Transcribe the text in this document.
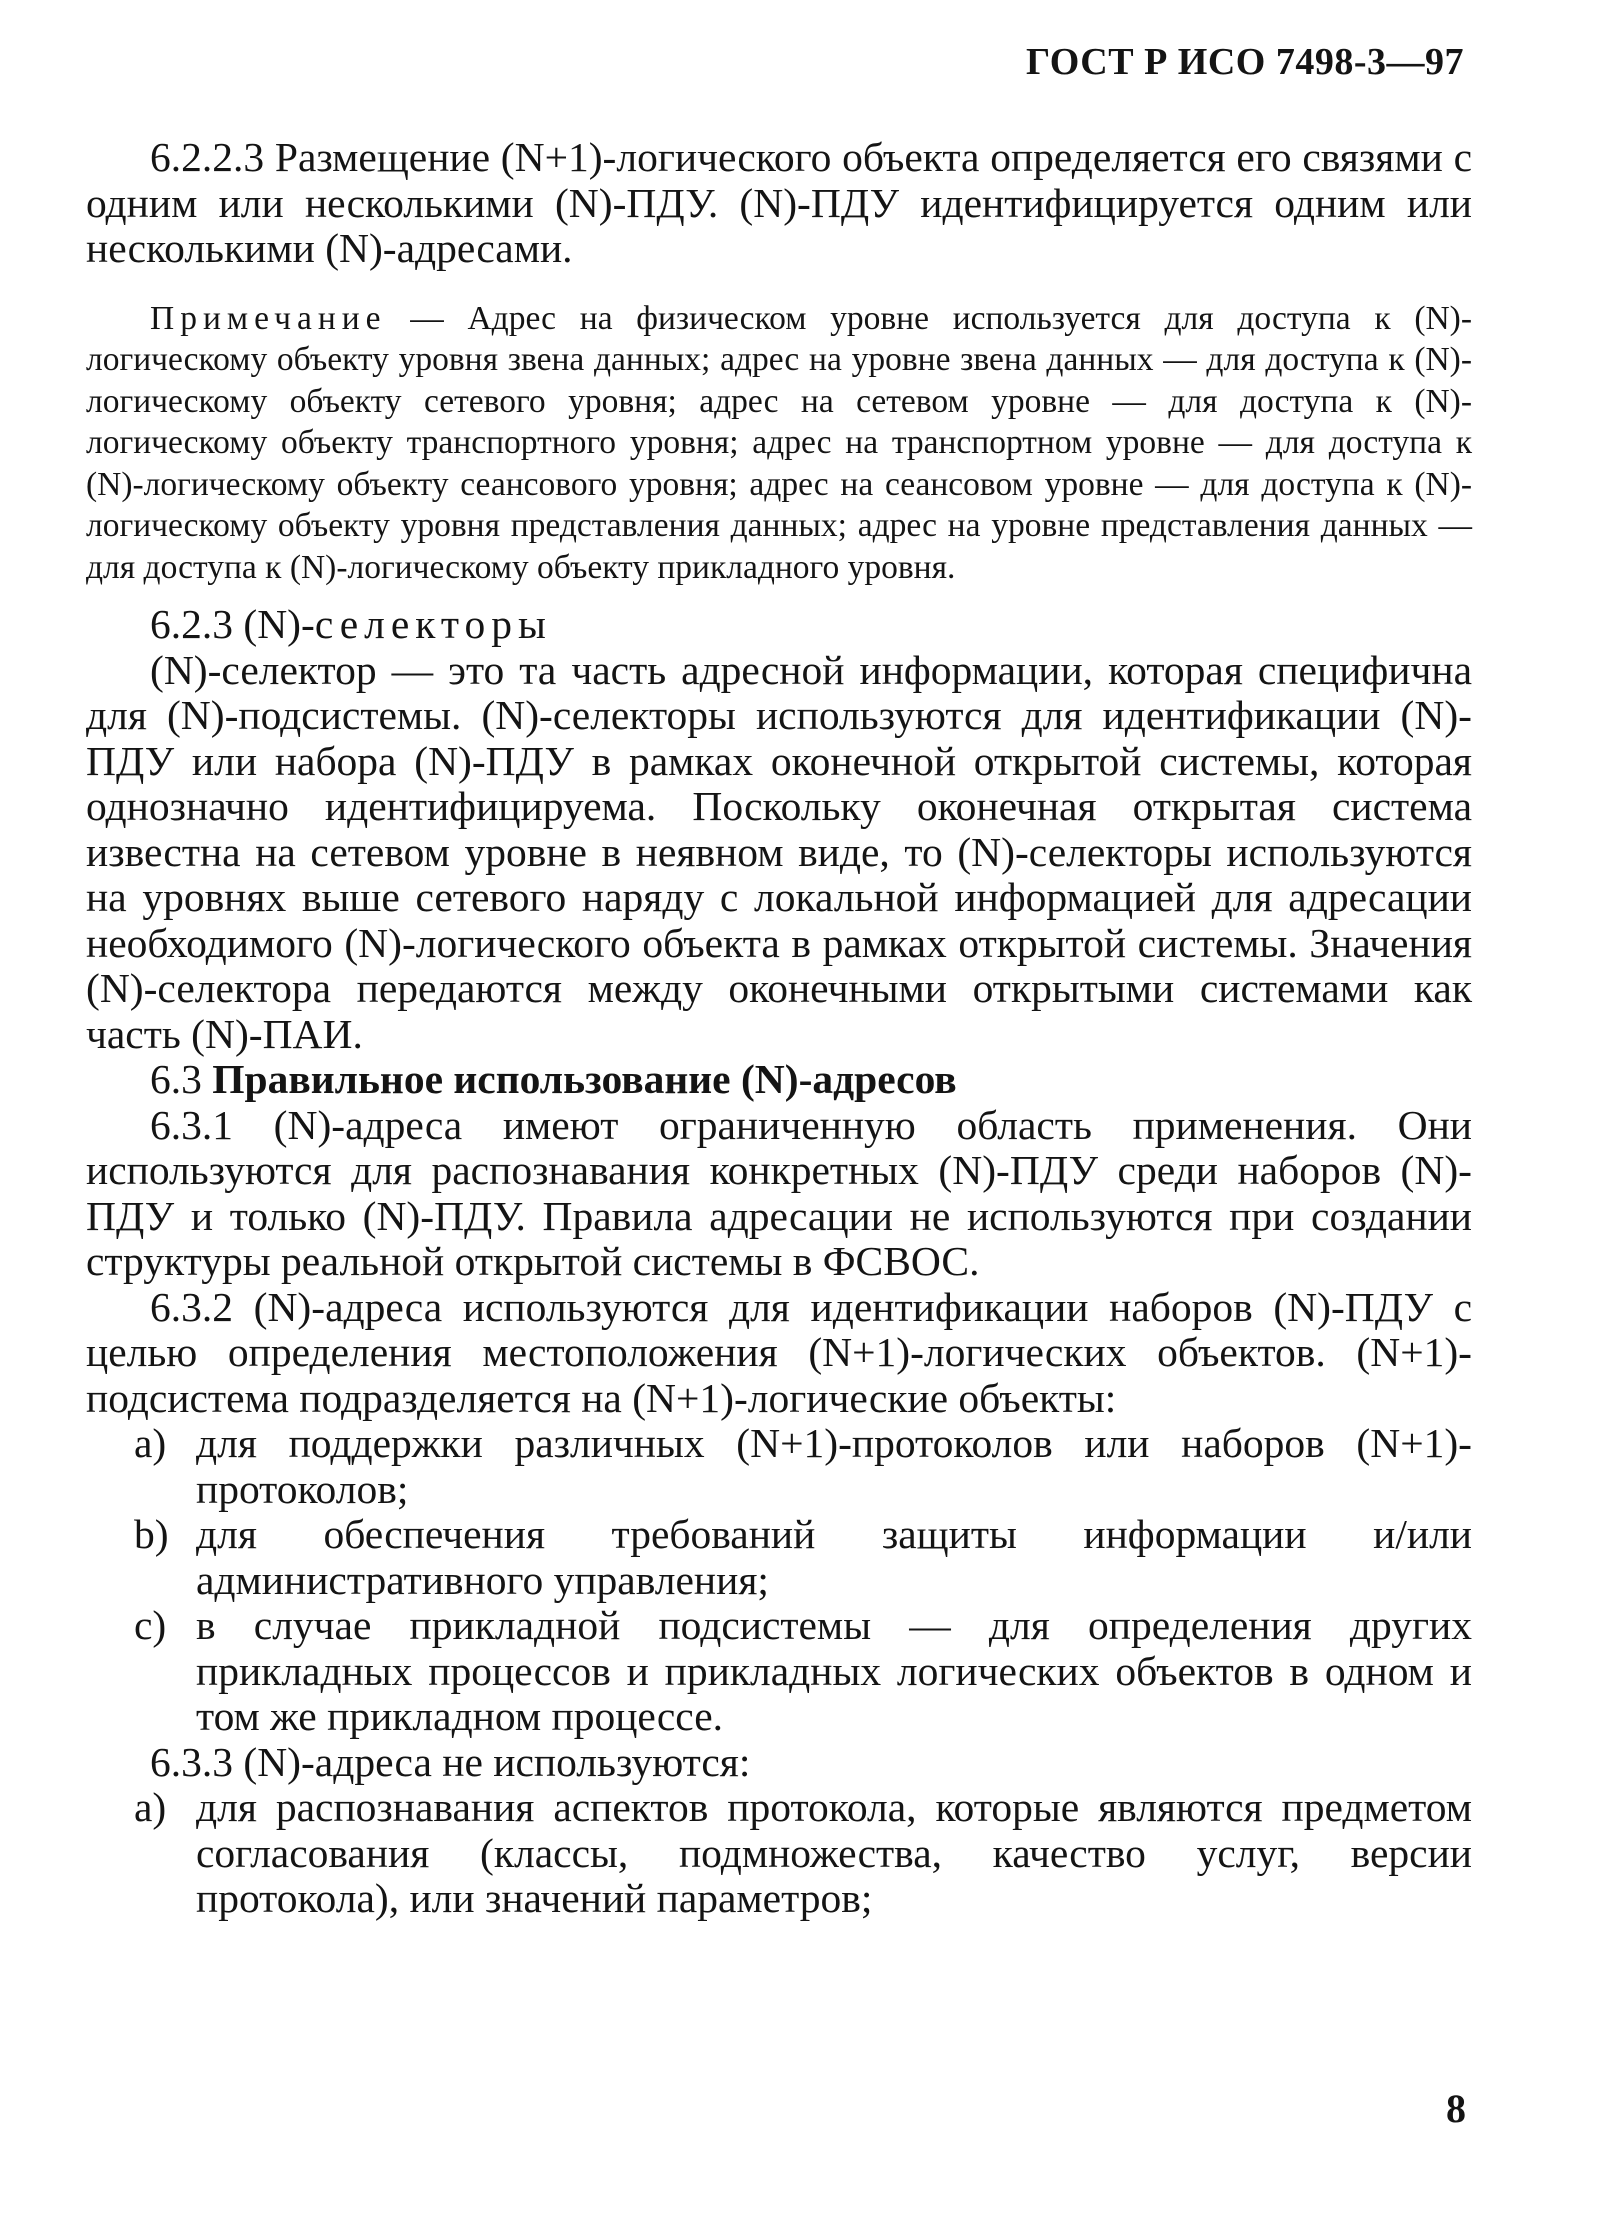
ГОСТ Р ИСО 7498-3—97

6.2.2.3 Размещение (N+1)-логического объекта определяется его связями с одним или несколькими (N)-ПДУ. (N)-ПДУ идентифицируется одним или несколькими (N)-адресами.

Примечание — Адрес на физическом уровне используется для доступа к (N)-логическому объекту уровня звена данных; адрес на уровне звена данных — для доступа к (N)-логическому объекту сетевого уровня; адрес на сетевом уровне — для доступа к (N)-логическому объекту транспортного уровня; адрес на транспортном уровне — для доступа к (N)-логическому объекту сеансового уровня; адрес на сеансовом уровне — для доступа к (N)-логическому объекту уровня представления данных; адрес на уровне представления данных — для доступа к (N)-логическому объекту прикладного уровня.

6.2.3 (N)-селекторы

(N)-селектор — это та часть адресной информации, которая специфична для (N)-подсистемы. (N)-селекторы используются для идентификации (N)-ПДУ или набора (N)-ПДУ в рамках оконечной открытой системы, которая однозначно идентифицируема. Поскольку оконечная открытая система известна на сетевом уровне в неявном виде, то (N)-селекторы используются на уровнях выше сетевого наряду с локальной информацией для адресации необходимого (N)-логического объекта в рамках открытой системы. Значения (N)-селектора передаются между оконечными открытыми системами как часть (N)-ПАИ.

6.3 Правильное использование (N)-адресов

6.3.1 (N)-адреса имеют ограниченную область применения. Они используются для распознавания конкретных (N)-ПДУ среди наборов (N)-ПДУ и только (N)-ПДУ. Правила адресации не используются при создании структуры реальной открытой системы в ФСВОС.

6.3.2 (N)-адреса используются для идентификации наборов (N)-ПДУ с целью определения местоположения (N+1)-логических объектов. (N+1)-подсистема подразделяется на (N+1)-логические объекты:

a) для поддержки различных (N+1)-протоколов или наборов (N+1)-протоколов;
b) для обеспечения требований защиты информации и/или административного управления;
c) в случае прикладной подсистемы — для определения других прикладных процессов и прикладных логических объектов в одном и том же прикладном процессе.

6.3.3 (N)-адреса не используются:

a) для распознавания аспектов протокола, которые являются предметом согласования (классы, подмножества, качество услуг, версии протокола), или значений параметров;
8
